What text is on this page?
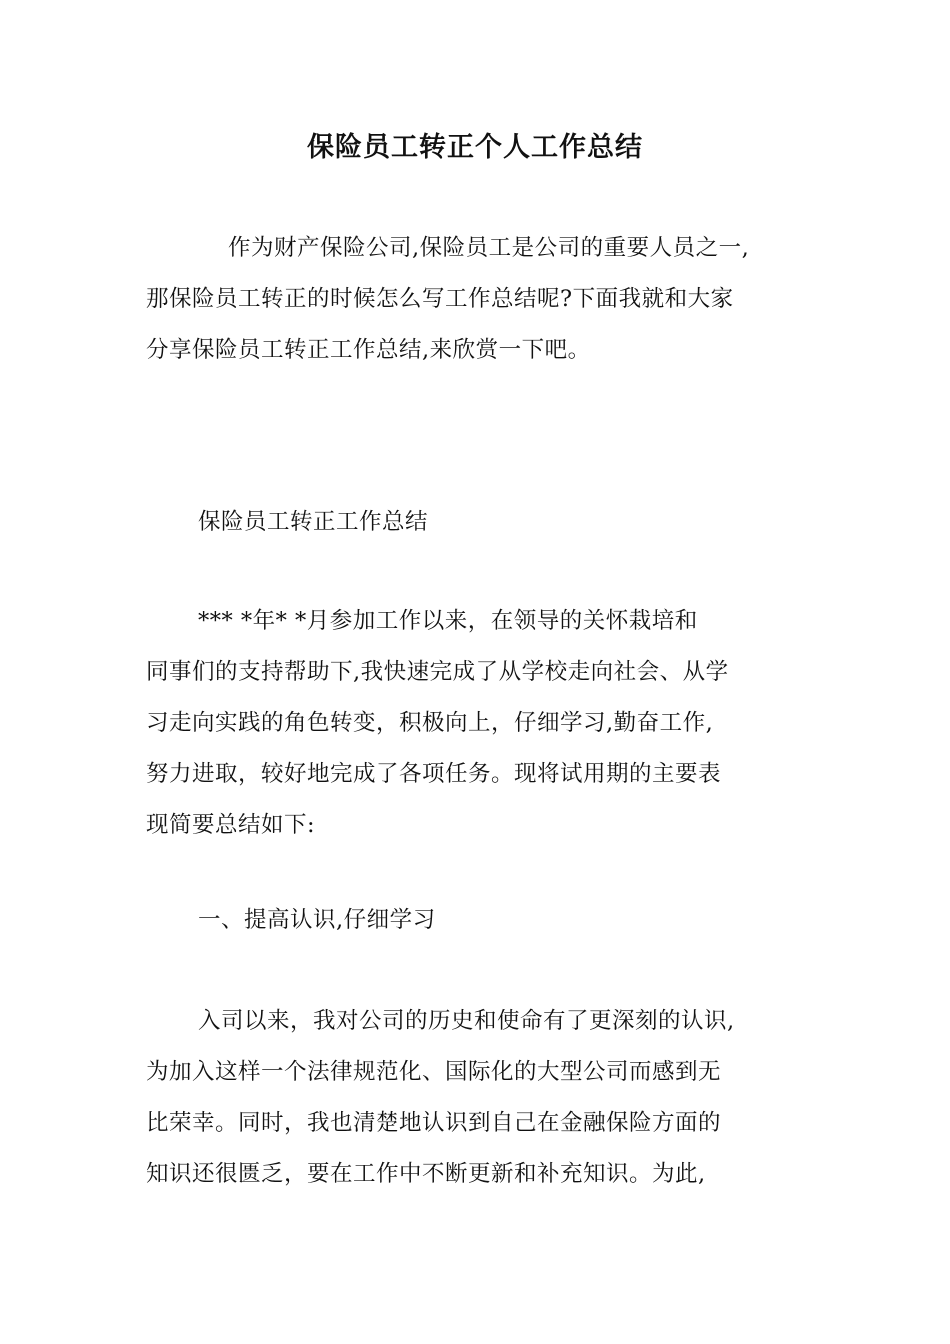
保险员工转正个人工作总结
作为财产保险公司,保险员工是公司的重要人员之一,
那保险员工转正的时候怎么写工作总结呢?下面我就和大家
分享保险员工转正工作总结,来欣赏一下吧。
保险员工转正工作总结
*** *年* *月参加工作以来，在领导的关怀栽培和
同事们的支持帮助下,我快速完成了从学校走向社会、从学
习走向实践的角色转变，积极向上，仔细学习,勤奋工作,
努力进取，较好地完成了各项任务。现将试用期的主要表
现简要总结如下:
一、提高认识,仔细学习
入司以来，我对公司的历史和使命有了更深刻的认识,
为加入这样一个法律规范化、国际化的大型公司而感到无
比荣幸。同时，我也清楚地认识到自己在金融保险方面的
知识还很匮乏，要在工作中不断更新和补充知识。为此,
